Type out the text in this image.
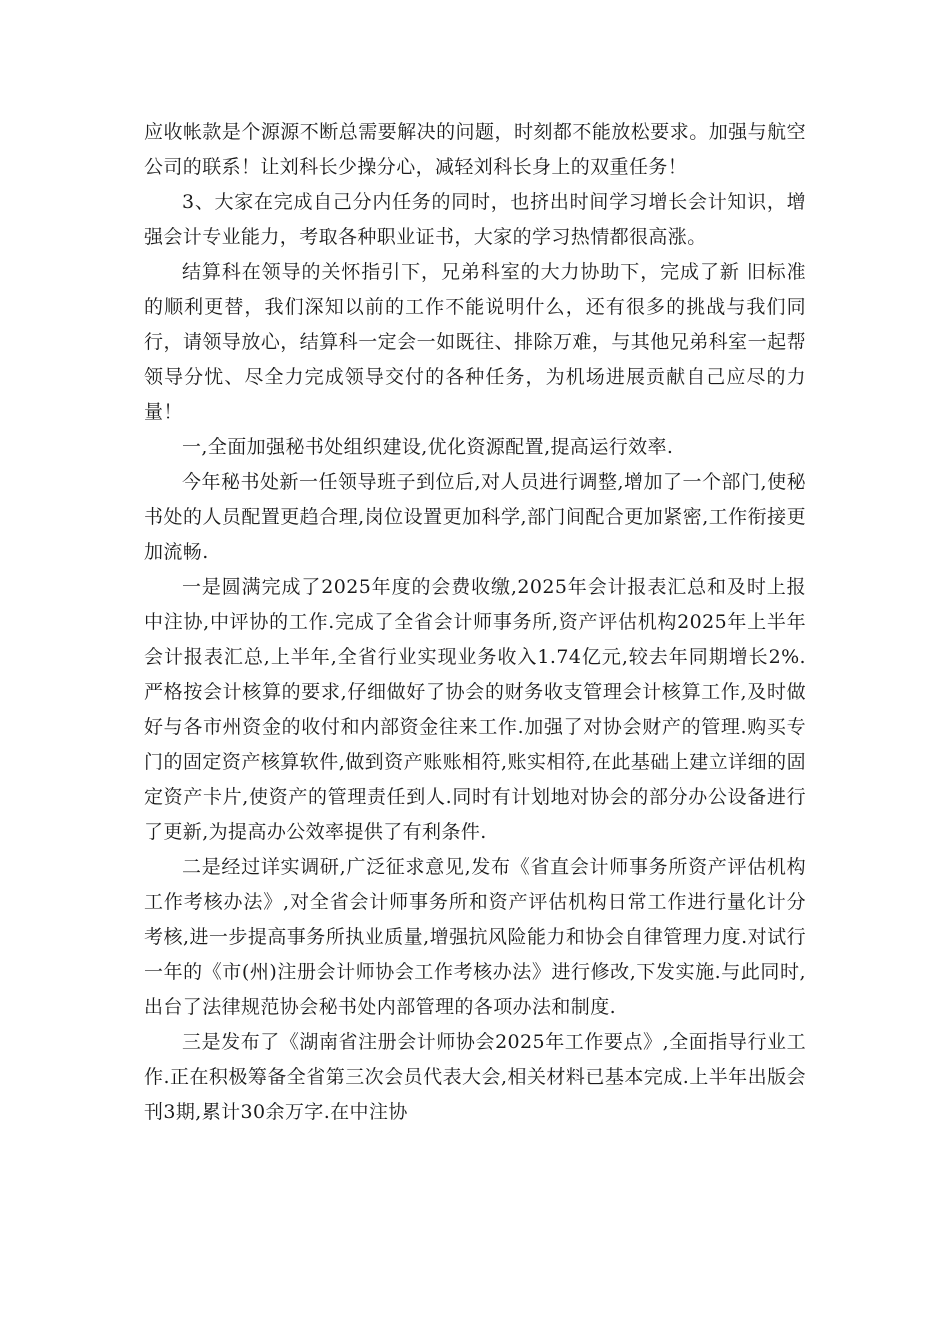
应收帐款是个源源不断总需要解决的问题，时刻都不能放松要求。加强与航空公司的联系！让刘科长少操分心，减轻刘科长身上的双重任务！

3、大家在完成自己分内任务的同时，也挤出时间学习增长会计知识，增强会计专业能力，考取各种职业证书，大家的学习热情都很高涨。

结算科在领导的关怀指引下，兄弟科室的大力协助下，完成了新 旧标准的顺利更替，我们深知以前的工作不能说明什么，还有很多的挑战与我们同行，请领导放心，结算科一定会一如既往、排除万难，与其他兄弟科室一起帮领导分忧、尽全力完成领导交付的各种任务，为机场进展贡献自己应尽的力量！

一,全面加强秘书处组织建设,优化资源配置,提高运行效率.

今年秘书处新一任领导班子到位后,对人员进行调整,增加了一个部门,使秘书处的人员配置更趋合理,岗位设置更加科学,部门间配合更加紧密,工作衔接更加流畅.

一是圆满完成了2025年度的会费收缴,2025年会计报表汇总和及时上报中注协,中评协的工作.完成了全省会计师事务所,资产评估机构2025年上半年会计报表汇总,上半年,全省行业实现业务收入1.74亿元,较去年同期增长2%.严格按会计核算的要求,仔细做好了协会的财务收支管理会计核算工作,及时做好与各市州资金的收付和内部资金往来工作.加强了对协会财产的管理.购买专门的固定资产核算软件,做到资产账账相符,账实相符,在此基础上建立详细的固定资产卡片,使资产的管理责任到人.同时有计划地对协会的部分办公设备进行了更新,为提高办公效率提供了有利条件.

二是经过详实调研,广泛征求意见,发布《省直会计师事务所资产评估机构工作考核办法》,对全省会计师事务所和资产评估机构日常工作进行量化计分考核,进一步提高事务所执业质量,增强抗风险能力和协会自律管理力度.对试行一年的《市(州)注册会计师协会工作考核办法》进行修改,下发实施.与此同时,出台了法律规范协会秘书处内部管理的各项办法和制度.

三是发布了《湖南省注册会计师协会2025年工作要点》,全面指导行业工作.正在积极筹备全省第三次会员代表大会,相关材料已基本完成.上半年出版会刊3期,累计30余万字.在中注协
